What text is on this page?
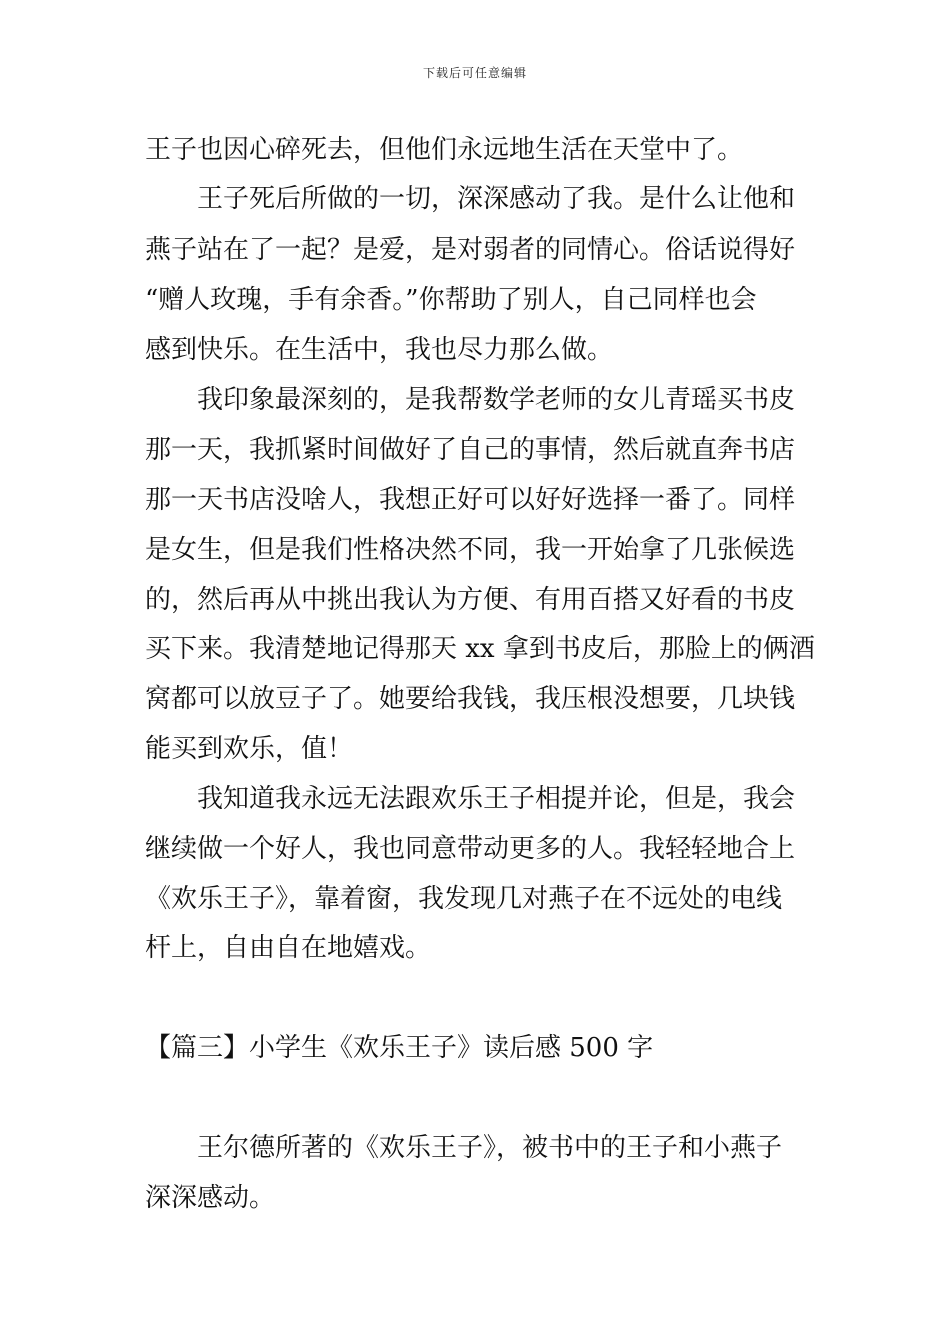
下载后可任意编辑
王子也因心碎死去，但他们永远地生活在天堂中了。
　　王子死后所做的一切，深深感动了我。是什么让他和
燕子站在了一起？是爱，是对弱者的同情心。俗话说得好
“赠人玫瑰，手有余香。”你帮助了别人，自己同样也会
感到快乐。在生活中，我也尽力那么做。
　　我印象最深刻的，是我帮数学老师的女儿青瑶买书皮
那一天，我抓紧时间做好了自己的事情，然后就直奔书店
那一天书店没啥人，我想正好可以好好选择一番了。同样
是女生，但是我们性格决然不同，我一开始拿了几张候选
的，然后再从中挑出我认为方便、有用百搭又好看的书皮
买下来。我清楚地记得那天 xx 拿到书皮后，那脸上的俩酒
窝都可以放豆子了。她要给我钱，我压根没想要，几块钱
能买到欢乐，值！
　　我知道我永远无法跟欢乐王子相提并论，但是，我会
继续做一个好人，我也同意带动更多的人。我轻轻地合上
《欢乐王子》，靠着窗，我发现几对燕子在不远处的电线
杆上，自由自在地嬉戏。
【篇三】小学生《欢乐王子》读后感 500 字
　　王尔德所著的《欢乐王子》，被书中的王子和小燕子
深深感动。
